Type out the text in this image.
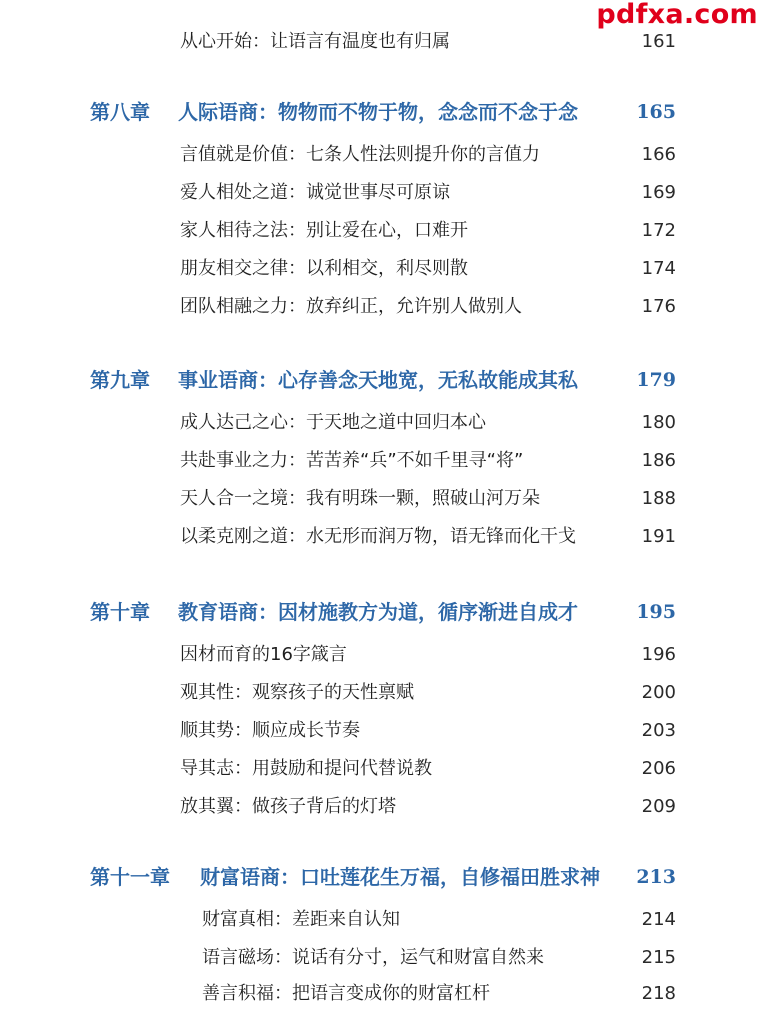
pdfxa.com
从心开始：让语言有温度也有归属	161
第八章 人际语商：物物而不物于物，念念而不念于念	165
言值就是价值：七条人性法则提升你的言值力	166
爱人相处之道：诚觉世事尽可原谅	169
家人相待之法：别让爱在心，口难开	172
朋友相交之律：以利相交，利尽则散	174
团队相融之力：放弃纠正，允许别人做别人	176
第九章 事业语商：心存善念天地宽，无私故能成其私	179
成人达己之心：于天地之道中回归本心	180
共赴事业之力：苦苦养“兵”不如千里寻“将”	186
天人合一之境：我有明珠一颗，照破山河万朵	188
以柔克刚之道：水无形而润万物，语无锋而化干戈	191
第十章 教育语商：因材施教方为道，循序渐进自成才	195
因材而育的16字箴言	196
观其性：观察孩子的天性禀赋	200
顺其势：顺应成长节奏	203
导其志：用鼓励和提问代替说教	206
放其翼：做孩子背后的灯塔	209
第十一章 财富语商：口吐莲花生万福，自修福田胜求神 213
财富真相：差距来自认知	214
语言磁场：说话有分寸，运气和财富自然来	215
善言积福：把语言变成你的财富杠杆	218
